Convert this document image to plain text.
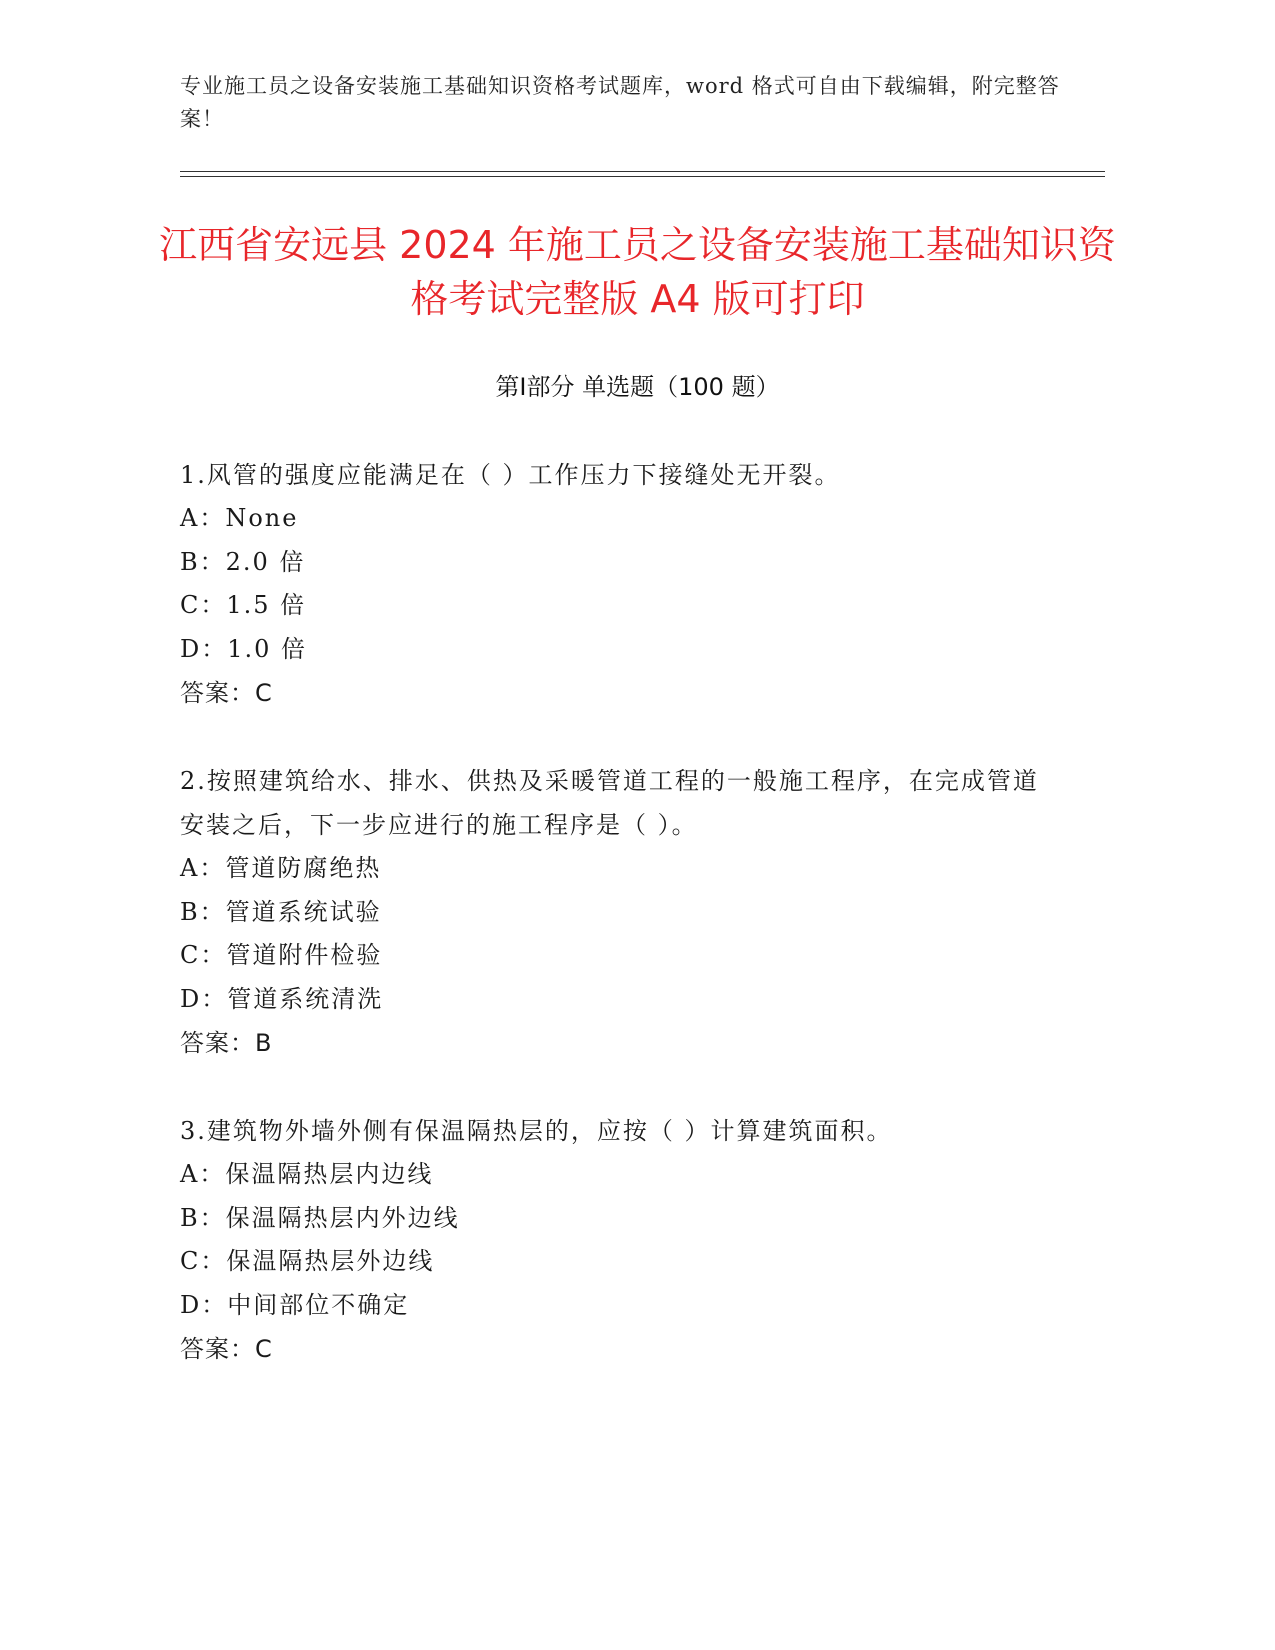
专业施工员之设备安装施工基础知识资格考试题库，word 格式可自由下载编辑，附完整答案！
江西省安远县 2024 年施工员之设备安装施工基础知识资格考试完整版 A4 版可打印
第Ⅰ部分 单选题（100 题）

1.风管的强度应能满足在（ ）工作压力下接缝处无开裂。

A：None

B：2.0 倍

C：1.5 倍

D：1.0 倍

答案：C

2.按照建筑给水、排水、供热及采暖管道工程的一般施工程序，在完成管道安装之后，下一步应进行的施工程序是（ ）。

A：管道防腐绝热

B：管道系统试验

C：管道附件检验

D：管道系统清洗

答案：B

3.建筑物外墙外侧有保温隔热层的，应按（ ）计算建筑面积。

A：保温隔热层内边线

B：保温隔热层内外边线

C：保温隔热层外边线

D：中间部位不确定

答案：C
